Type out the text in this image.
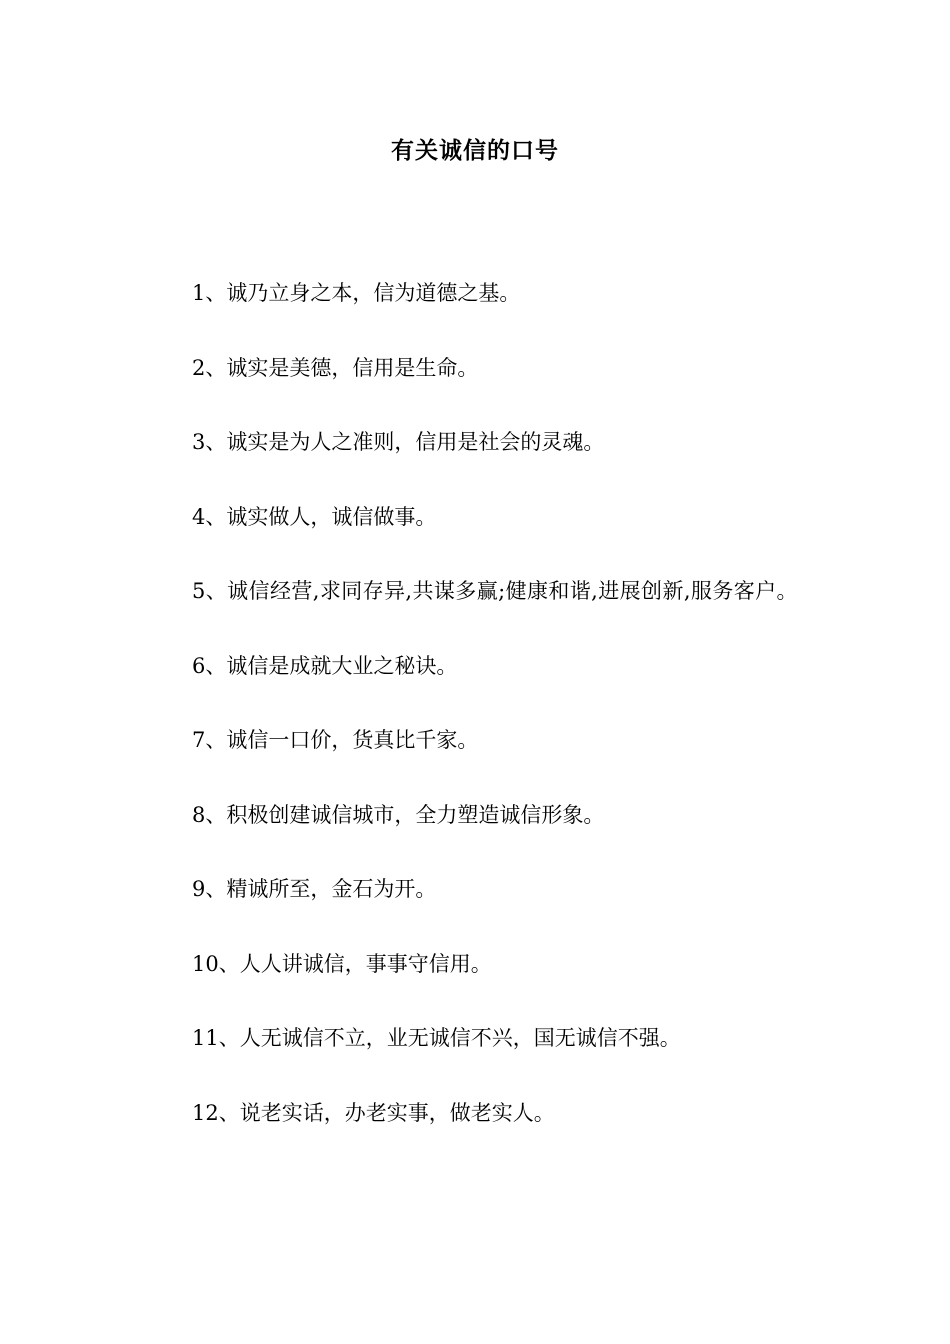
有关诚信的口号

1、诚乃立身之本，信为道德之基。

2、诚实是美德，信用是生命。

3、诚实是为人之准则，信用是社会的灵魂。

4、诚实做人，诚信做事。

5、诚信经营,求同存异,共谋多赢;健康和谐,进展创新,服务客户。

6、诚信是成就大业之秘诀。

7、诚信一口价，货真比千家。

8、积极创建诚信城市，全力塑造诚信形象。

9、精诚所至，金石为开。

10、人人讲诚信，事事守信用。

11、人无诚信不立，业无诚信不兴，国无诚信不强。

12、说老实话，办老实事，做老实人。
